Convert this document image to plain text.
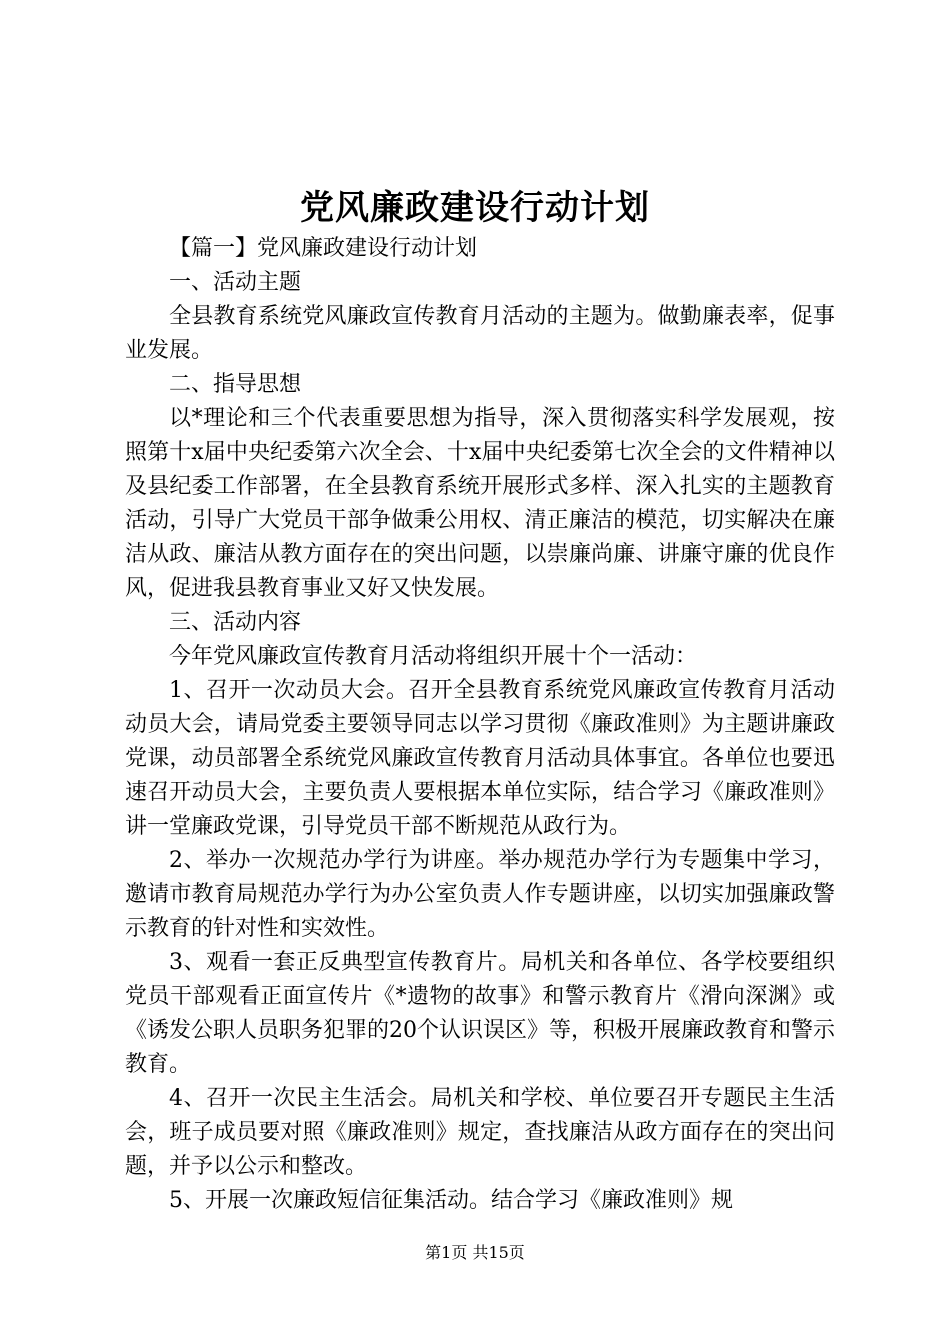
党风廉政建设行动计划

【篇一】党风廉政建设行动计划

一、活动主题

全县教育系统党风廉政宣传教育月活动的主题为。做勤廉表率，促事业发展。

二、指导思想

以*理论和三个代表重要思想为指导，深入贯彻落实科学发展观，按照第十x届中央纪委第六次全会、十x届中央纪委第七次全会的文件精神以及县纪委工作部署，在全县教育系统开展形式多样、深入扎实的主题教育活动，引导广大党员干部争做秉公用权、清正廉洁的模范，切实解决在廉洁从政、廉洁从教方面存在的突出问题，以崇廉尚廉、讲廉守廉的优良作风，促进我县教育事业又好又快发展。

三、活动内容

今年党风廉政宣传教育月活动将组织开展十个一活动：

1、召开一次动员大会。召开全县教育系统党风廉政宣传教育月活动动员大会，请局党委主要领导同志以学习贯彻《廉政准则》为主题讲廉政党课，动员部署全系统党风廉政宣传教育月活动具体事宜。各单位也要迅速召开动员大会，主要负责人要根据本单位实际，结合学习《廉政准则》讲一堂廉政党课，引导党员干部不断规范从政行为。

2、举办一次规范办学行为讲座。举办规范办学行为专题集中学习，邀请市教育局规范办学行为办公室负责人作专题讲座，以切实加强廉政警示教育的针对性和实效性。

3、观看一套正反典型宣传教育片。局机关和各单位、各学校要组织党员干部观看正面宣传片《*遗物的故事》和警示教育片《滑向深渊》或《诱发公职人员职务犯罪的20个认识误区》等，积极开展廉政教育和警示教育。

4、召开一次民主生活会。局机关和学校、单位要召开专题民主生活会，班子成员要对照《廉政准则》规定，查找廉洁从政方面存在的突出问题，并予以公示和整改。

5、开展一次廉政短信征集活动。结合学习《廉政准则》规

第1页 共15页
